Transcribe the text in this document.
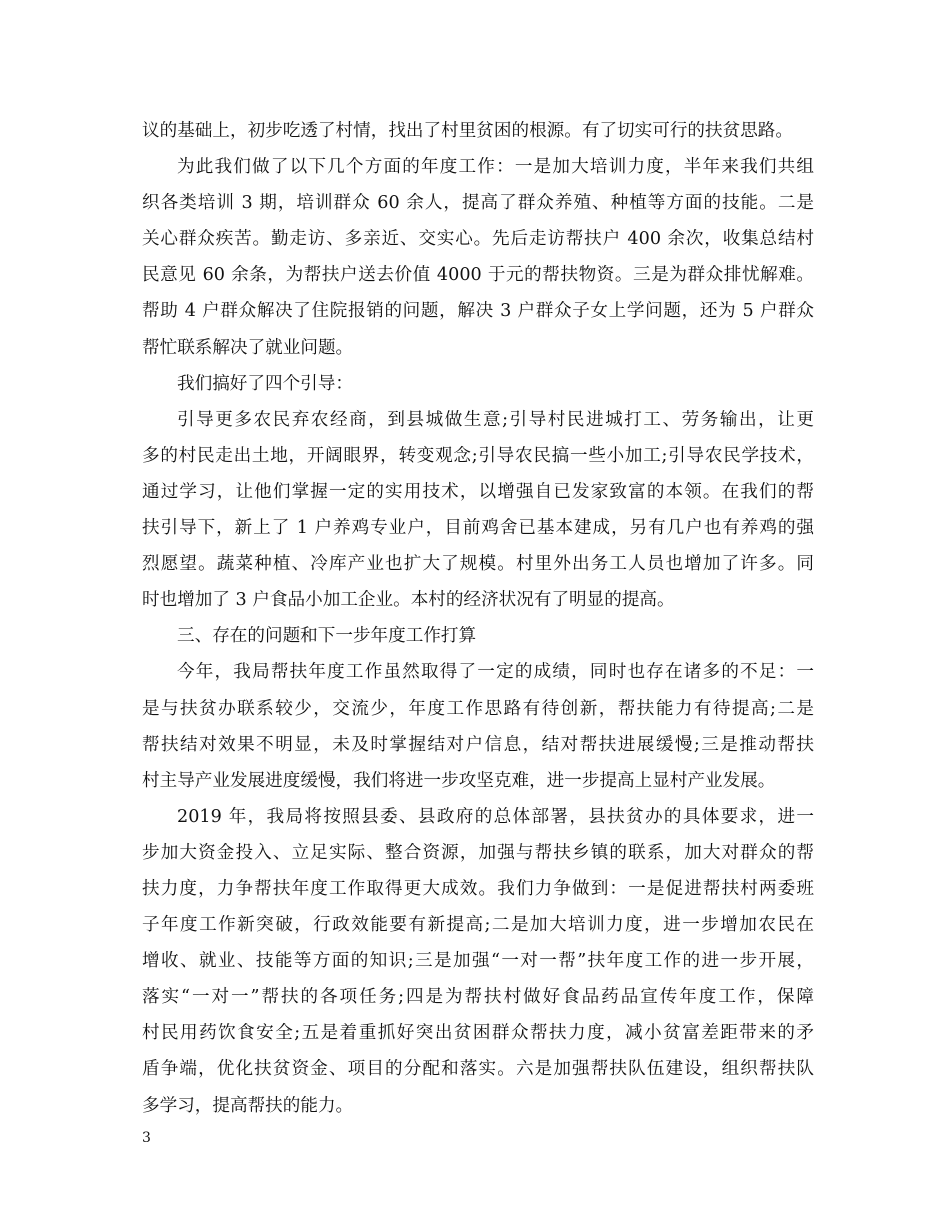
议的基础上，初步吃透了村情，找出了村里贫困的根源。有了切实可行的扶贫思路。
为此我们做了以下几个方面的年度工作：一是加大培训力度，半年来我们共组
织各类培训 3 期，培训群众 60 余人，提高了群众养殖、种植等方面的技能。二是
关心群众疾苦。勤走访、多亲近、交实心。先后走访帮扶户 400 余次，收集总结村
民意见 60 余条，为帮扶户送去价值 4000 于元的帮扶物资。三是为群众排忧解难。
帮助 4 户群众解决了住院报销的问题，解决 3 户群众子女上学问题，还为 5 户群众
帮忙联系解决了就业问题。
我们搞好了四个引导：
引导更多农民弃农经商，到县城做生意;引导村民进城打工、劳务输出，让更
多的村民走出土地，开阔眼界，转变观念;引导农民搞一些小加工;引导农民学技术，
通过学习，让他们掌握一定的实用技术，以增强自已发家致富的本领。在我们的帮
扶引导下，新上了 1 户养鸡专业户，目前鸡舍已基本建成，另有几户也有养鸡的强
烈愿望。蔬菜种植、冷库产业也扩大了规模。村里外出务工人员也增加了许多。同
时也增加了 3 户食品小加工企业。本村的经济状况有了明显的提高。
三、存在的问题和下一步年度工作打算
今年，我局帮扶年度工作虽然取得了一定的成绩，同时也存在诸多的不足：一
是与扶贫办联系较少，交流少，年度工作思路有待创新，帮扶能力有待提高;二是
帮扶结对效果不明显，未及时掌握结对户信息，结对帮扶进展缓慢;三是推动帮扶
村主导产业发展进度缓慢，我们将进一步攻坚克难，进一步提高上显村产业发展。
2019 年，我局将按照县委、县政府的总体部署，县扶贫办的具体要求，进一
步加大资金投入、立足实际、整合资源，加强与帮扶乡镇的联系，加大对群众的帮
扶力度，力争帮扶年度工作取得更大成效。我们力争做到：一是促进帮扶村两委班
子年度工作新突破，行政效能要有新提高;二是加大培训力度，进一步增加农民在
增收、就业、技能等方面的知识;三是加强“一对一帮”扶年度工作的进一步开展，
落实“一对一”帮扶的各项任务;四是为帮扶村做好食品药品宣传年度工作，保障
村民用药饮食安全;五是着重抓好突出贫困群众帮扶力度，减小贫富差距带来的矛
盾争端，优化扶贫资金、项目的分配和落实。六是加强帮扶队伍建设，组织帮扶队
多学习，提高帮扶的能力。
3
